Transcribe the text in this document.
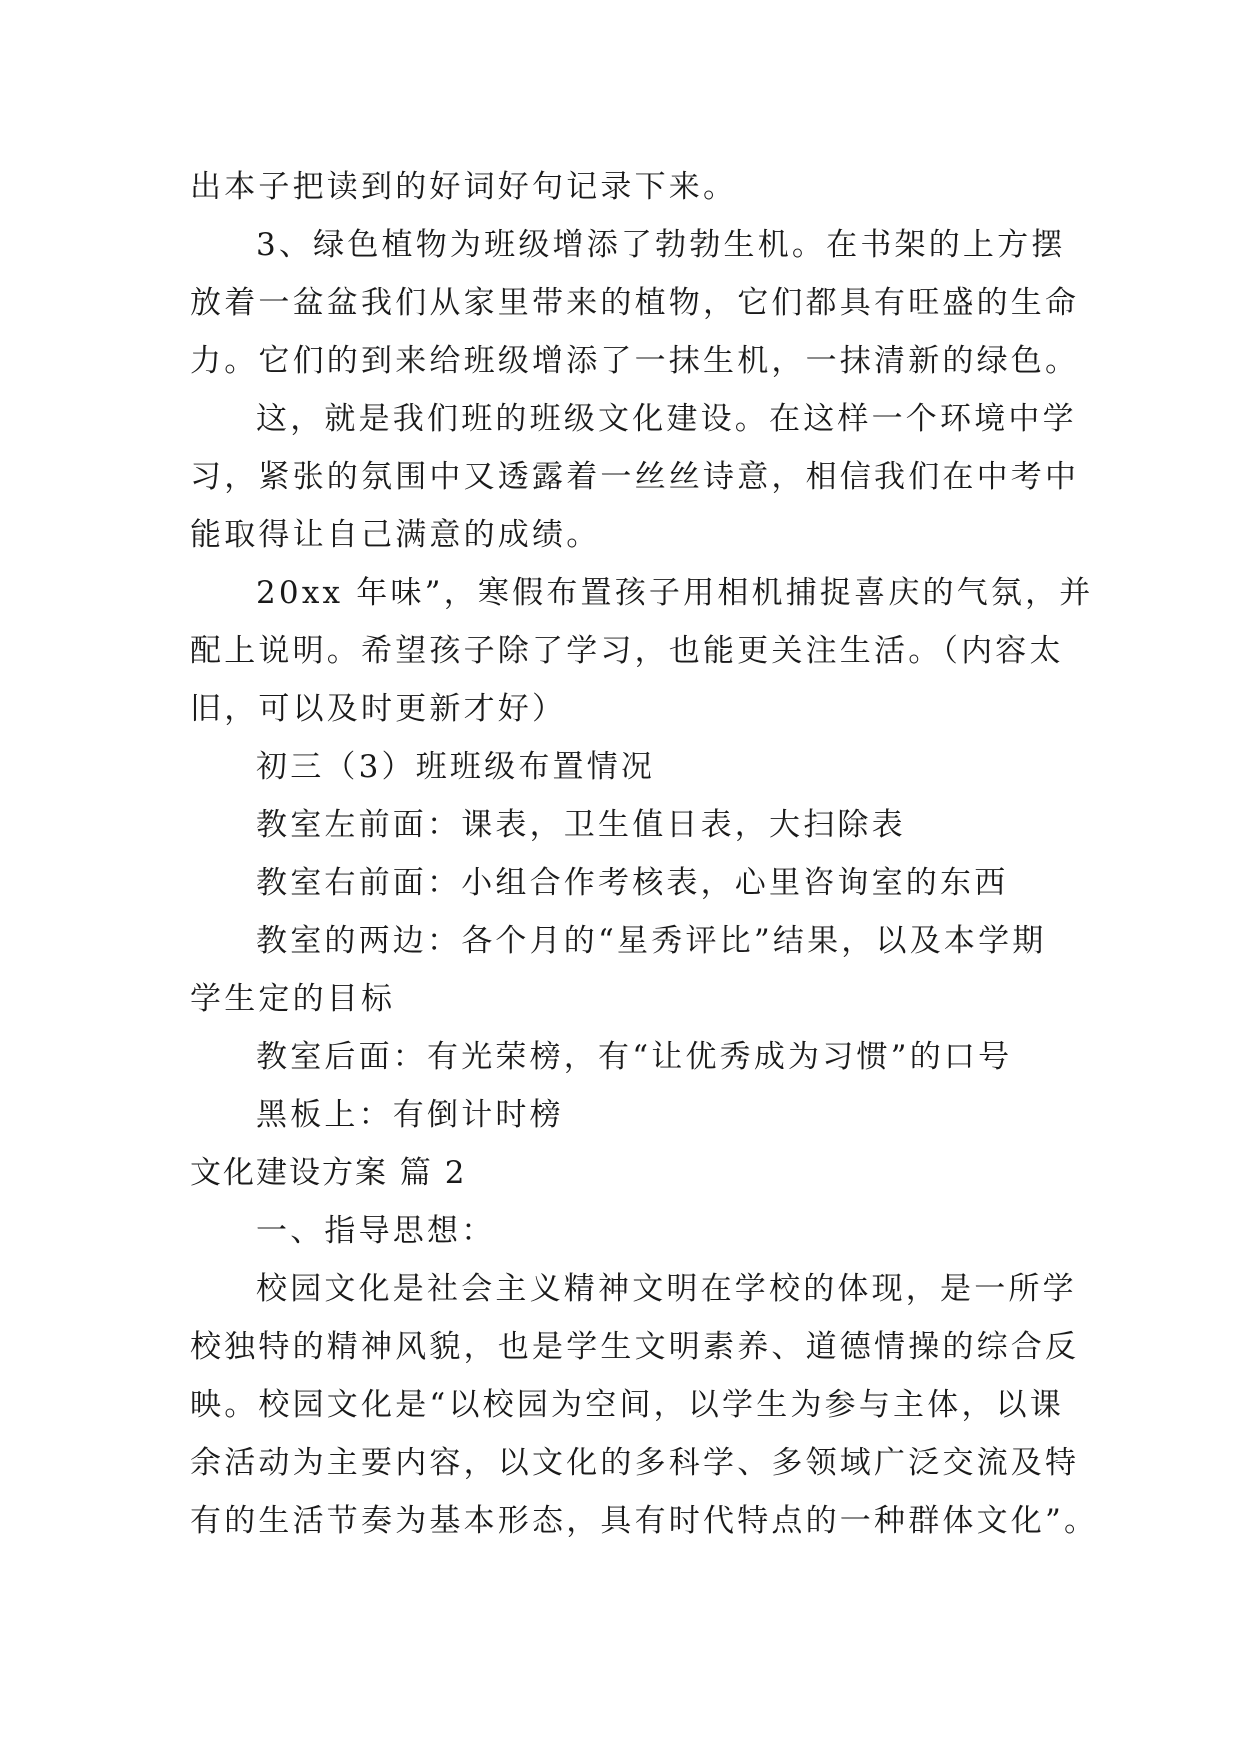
出本子把读到的好词好句记录下来。
3、绿色植物为班级增添了勃勃生机。在书架的上方摆
放着一盆盆我们从家里带来的植物，它们都具有旺盛的生命
力。它们的到来给班级增添了一抹生机，一抹清新的绿色。
这，就是我们班的班级文化建设。在这样一个环境中学
习，紧张的氛围中又透露着一丝丝诗意，相信我们在中考中
能取得让自己满意的成绩。
20xx 年味”，寒假布置孩子用相机捕捉喜庆的气氛，并
配上说明。希望孩子除了学习，也能更关注生活。（内容太
旧，可以及时更新才好）
初三（3）班班级布置情况
教室左前面：课表，卫生值日表，大扫除表
教室右前面：小组合作考核表，心里咨询室的东西
教室的两边：各个月的“星秀评比”结果，以及本学期
学生定的目标
教室后面：有光荣榜，有“让优秀成为习惯”的口号
黑板上：有倒计时榜
文化建设方案 篇 2
一、指导思想：
校园文化是社会主义精神文明在学校的体现，是一所学
校独特的精神风貌，也是学生文明素养、道德情操的综合反
映。校园文化是“以校园为空间，以学生为参与主体，以课
余活动为主要内容，以文化的多科学、多领域广泛交流及特
有的生活节奏为基本形态，具有时代特点的一种群体文化”。
